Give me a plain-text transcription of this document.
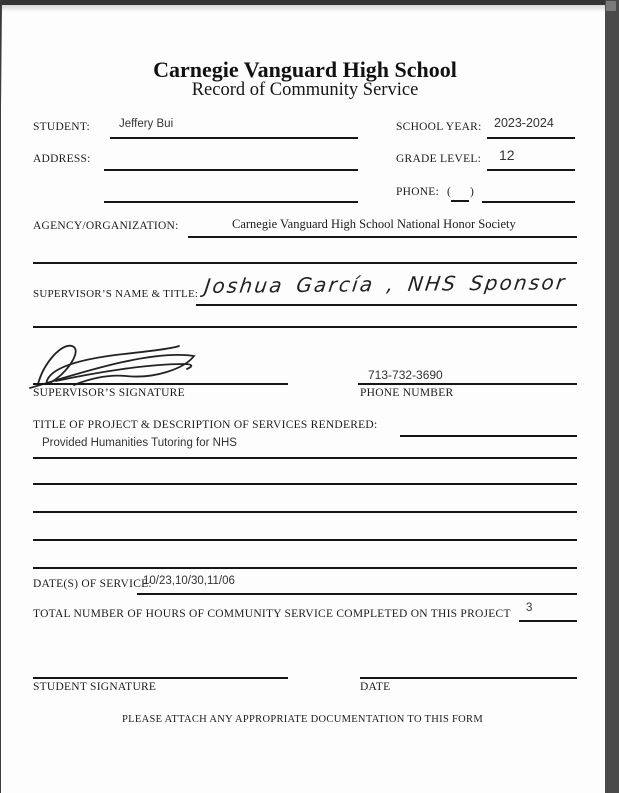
Carnegie Vanguard High School
Record of Community Service
STUDENT:	Jeffery Bui	SCHOOL YEAR: 2023-2024
ADDRESS:	GRADE LEVEL: 12
PHONE: ( )
AGENCY/ORGANIZATION:	Carnegie Vanguard High School National Honor Society
SUPERVISOR’S NAME & TITLE: Joshua García , NHS Sponsor
SUPERVISOR’S SIGNATURE
713-732-3690
PHONE NUMBER
TITLE OF PROJECT & DESCRIPTION OF SERVICES RENDERED:
Provided Humanities Tutoring for NHS
DATE(S) OF SERVICE:
10/23,10/30,11/06
TOTAL NUMBER OF HOURS OF COMMUNITY SERVICE COMPLETED ON THIS PROJECT 3
STUDENT SIGNATURE	DATE
PLEASE ATTACH ANY APPROPRIATE DOCUMENTATION TO THIS FORM
